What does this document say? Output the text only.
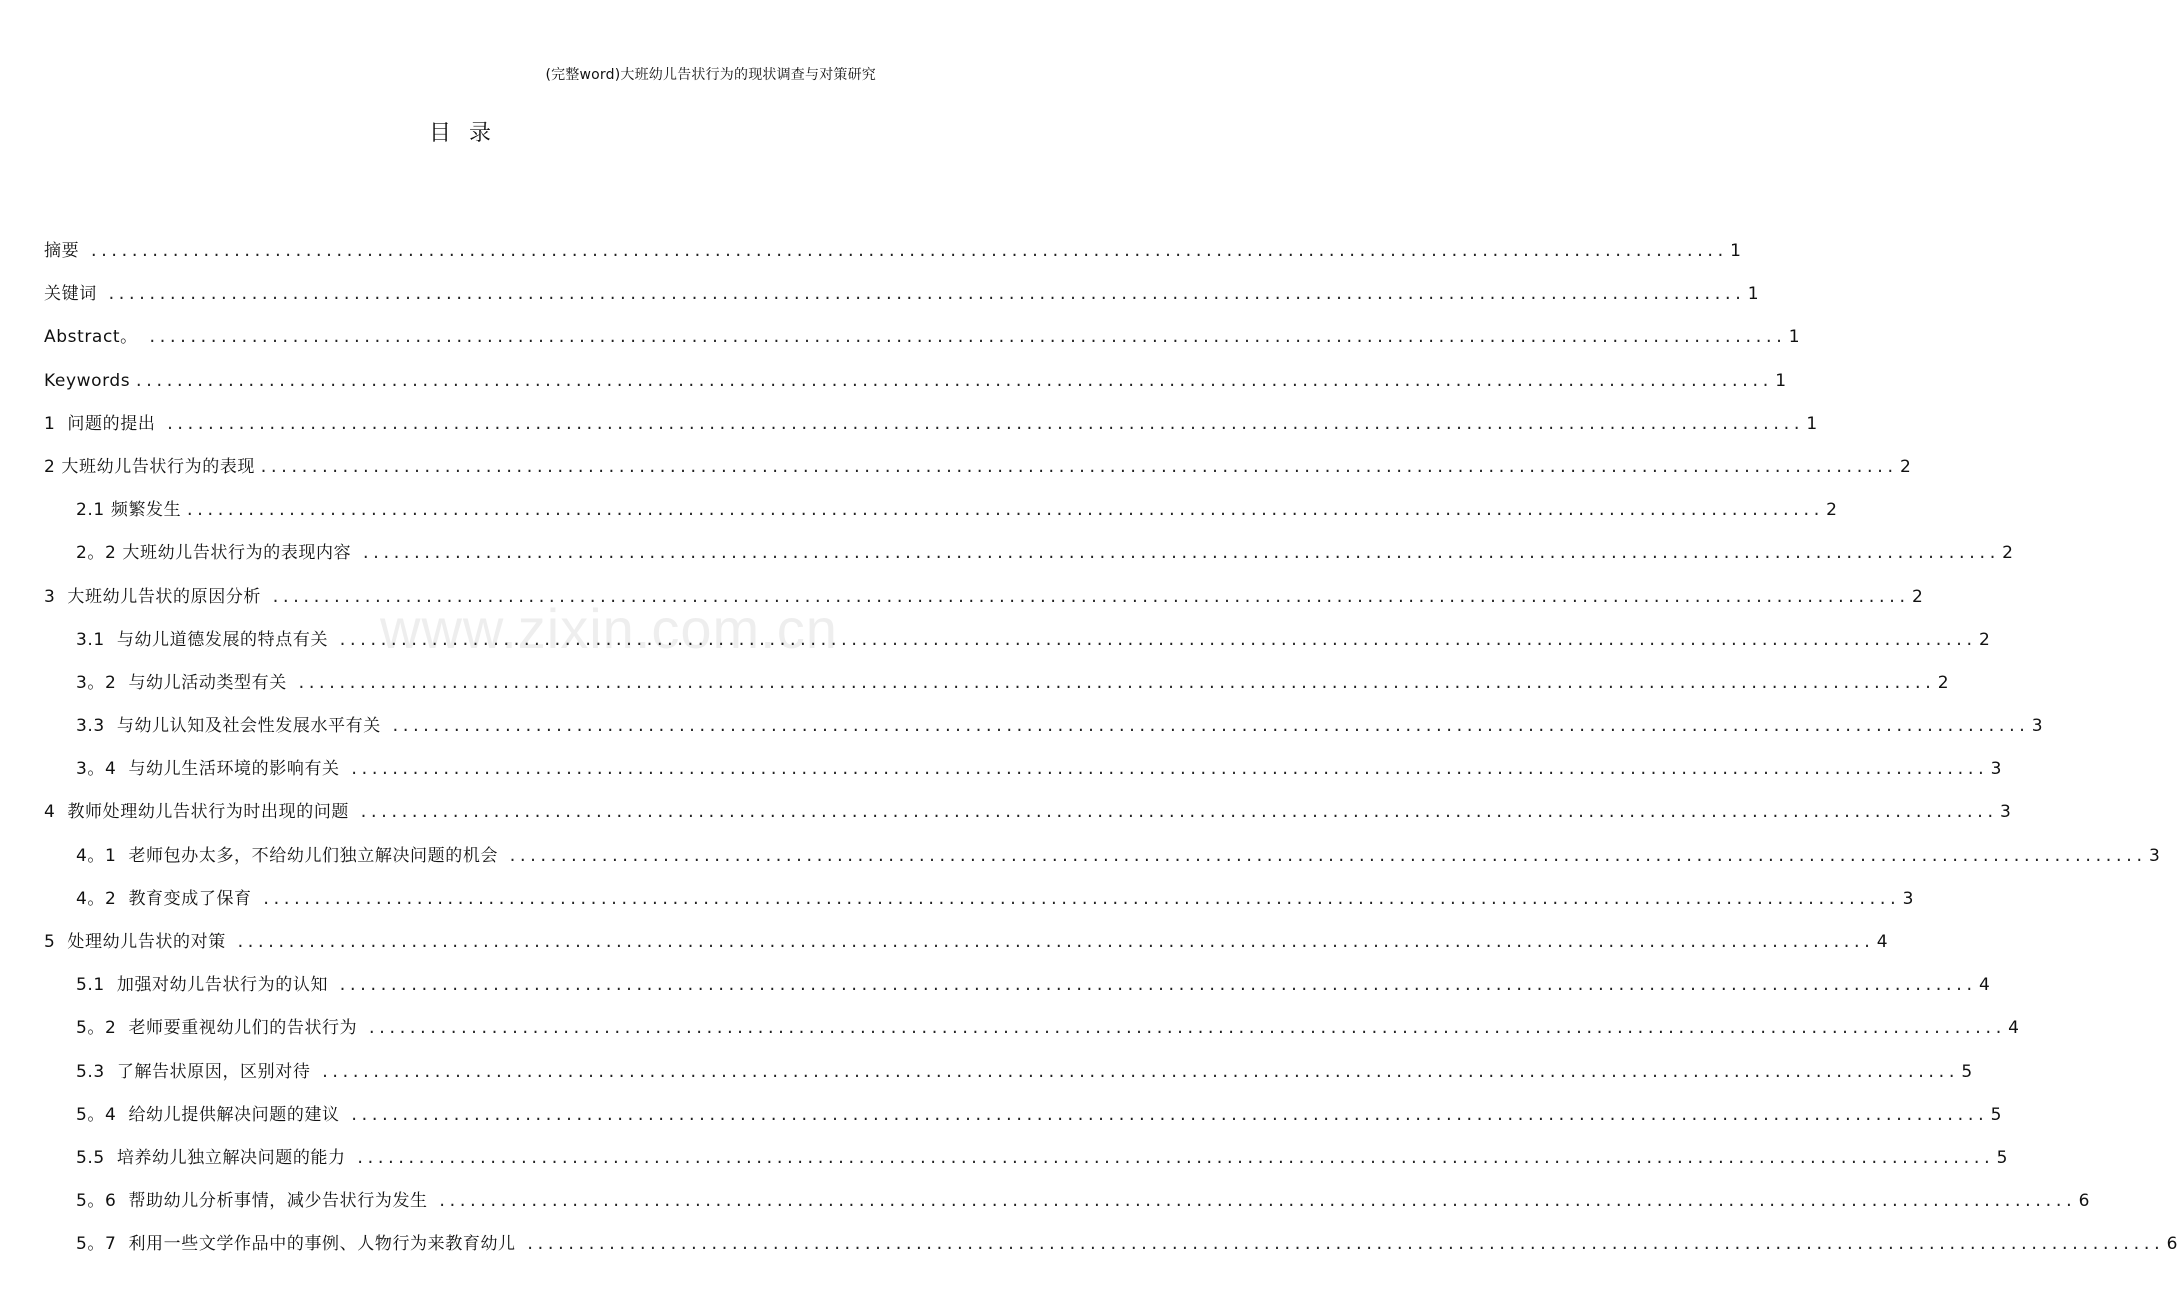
(完整word)大班幼儿告状行为的现状调查与对策研究
目录
www.zixin.com.cn
摘要 ................................................................................................................................................................ 1
关键词 ................................................................................................................................................................ 1
Abstract。 ................................................................................................................................................................ 1
Keywords ................................................................................................................................................................ 1
1  问题的提出 ................................................................................................................................................................ 1
2 大班幼儿告状行为的表现 ................................................................................................................................................................ 2
2.1 频繁发生 ................................................................................................................................................................ 2
2。2 大班幼儿告状行为的表现内容 ................................................................................................................................................................ 2
3  大班幼儿告状的原因分析 ................................................................................................................................................................ 2
3.1  与幼儿道德发展的特点有关 ................................................................................................................................................................ 2
3。2  与幼儿活动类型有关 ................................................................................................................................................................ 2
3.3  与幼儿认知及社会性发展水平有关 ................................................................................................................................................................ 3
3。4  与幼儿生活环境的影响有关 ................................................................................................................................................................ 3
4  教师处理幼儿告状行为时出现的问题 ................................................................................................................................................................ 3
4。1  老师包办太多，不给幼儿们独立解决问题的机会 ................................................................................................................................................................ 3
4。2  教育变成了保育 ................................................................................................................................................................ 3
5  处理幼儿告状的对策 ................................................................................................................................................................ 4
5.1  加强对幼儿告状行为的认知 ................................................................................................................................................................ 4
5。2  老师要重视幼儿们的告状行为 ................................................................................................................................................................ 4
5.3  了解告状原因，区别对待 ................................................................................................................................................................ 5
5。4  给幼儿提供解决问题的建议 ................................................................................................................................................................ 5
5.5  培养幼儿独立解决问题的能力 ................................................................................................................................................................ 5
5。6  帮助幼儿分析事情，减少告状行为发生 ................................................................................................................................................................ 6
5。7  利用一些文学作品中的事例、人物行为来教育幼儿 ................................................................................................................................................................ 6
